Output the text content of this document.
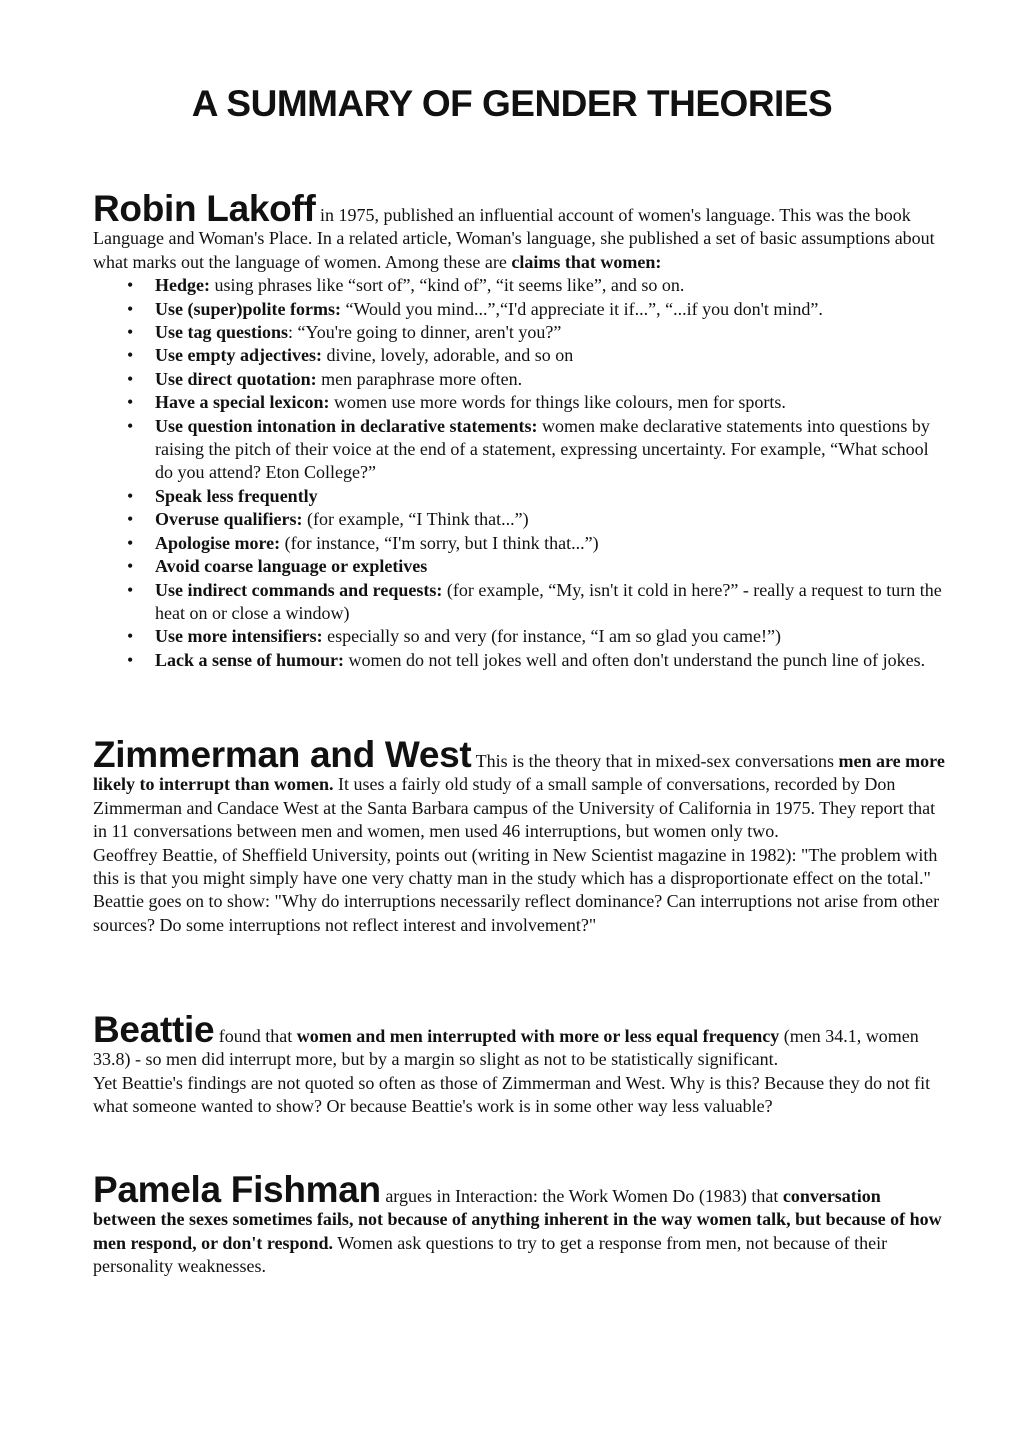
A SUMMARY OF GENDER THEORIES

Robin Lakoff in 1975, published an influential account of women's language. This was the book Language and Woman's Place. In a related article, Woman's language, she published a set of basic assumptions about what marks out the language of women. Among these are claims that women:

• Hedge: using phrases like “sort of”, “kind of”, “it seems like”, and so on.
• Use (super)polite forms: “Would you mind...”,“I'd appreciate it if...”, “...if you don't mind”.
• Use tag questions: “You're going to dinner, aren't you?”
• Use empty adjectives: divine, lovely, adorable, and so on
• Use direct quotation: men paraphrase more often.
• Have a special lexicon: women use more words for things like colours, men for sports.
• Use question intonation in declarative statements: women make declarative statements into questions by raising the pitch of their voice at the end of a statement, expressing uncertainty. For example, “What school do you attend? Eton College?”
• Speak less frequently
• Overuse qualifiers: (for example, “I Think that...”)
• Apologise more: (for instance, “I'm sorry, but I think that...”)
• Avoid coarse language or expletives
• Use indirect commands and requests: (for example, “My, isn't it cold in here?” - really a request to turn the heat on or close a window)
• Use more intensifiers: especially so and very (for instance, “I am so glad you came!”)
• Lack a sense of humour: women do not tell jokes well and often don't understand the punch line of jokes.

Zimmerman and West This is the theory that in mixed-sex conversations men are more likely to interrupt than women. It uses a fairly old study of a small sample of conversations, recorded by Don Zimmerman and Candace West at the Santa Barbara campus of the University of California in 1975. They report that in 11 conversations between men and women, men used 46 interruptions, but women only two.

Geoffrey Beattie, of Sheffield University, points out (writing in New Scientist magazine in 1982): "The problem with this is that you might simply have one very chatty man in the study which has a disproportionate effect on the total." Beattie goes on to show: "Why do interruptions necessarily reflect dominance? Can interruptions not arise from other sources? Do some interruptions not reflect interest and involvement?"

Beattie found that women and men interrupted with more or less equal frequency (men 34.1, women 33.8) - so men did interrupt more, but by a margin so slight as not to be statistically significant.

Yet Beattie's findings are not quoted so often as those of Zimmerman and West. Why is this? Because they do not fit what someone wanted to show? Or because Beattie's work is in some other way less valuable?

Pamela Fishman argues in Interaction: the Work Women Do (1983) that conversation between the sexes sometimes fails, not because of anything inherent in the way women talk, but because of how men respond, or don't respond. Women ask questions to try to get a response from men, not because of their personality weaknesses.
